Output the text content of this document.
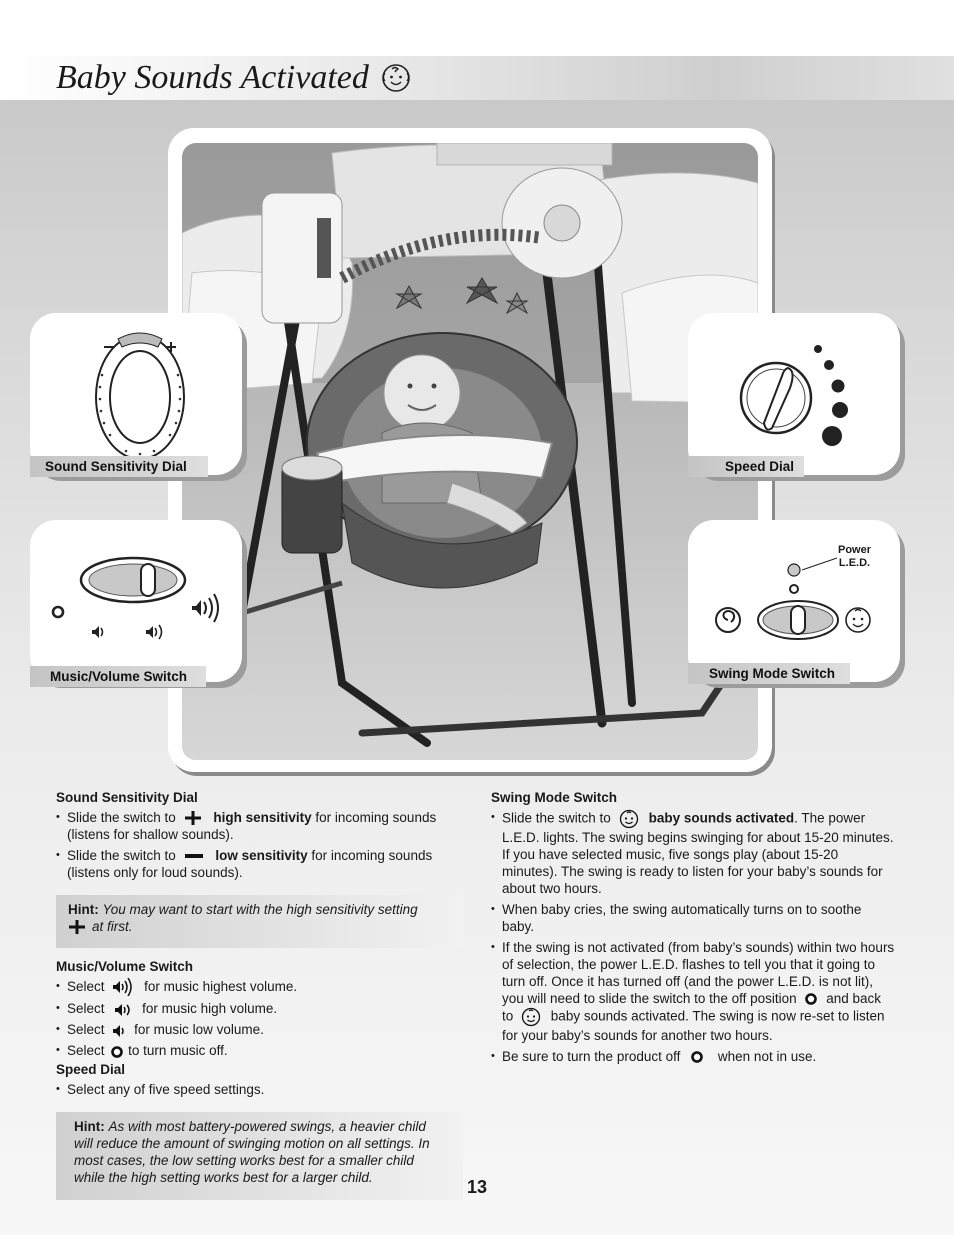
Baby Sounds Activated
Sound Sensitivity Dial	Speed Dial
Music/Volume Switch
Power
L.E.D.
Swing Mode Switch
Sound Sensitivity Dial
• Slide the switch to	high sensitivity for incoming sounds (listens for shallow sounds).
• Slide the switch to	low sensitivity for incoming sounds (listens only for loud sounds).
Hint: You may want to start with the high sensitivity setting
at first.
Music/Volume Switch
• Select	for music highest volume.
• Select	for music high volume.
• Select for music low volume.
• Select to turn music off.
Speed Dial
• Select any of five speed settings.
Hint: As with most battery-powered swings, a heavier child will reduce the amount of swinging motion on all settings. In most cases, the low setting works best for a smaller child while the high setting works best for a larger child.
Swing Mode Switch
• Slide the switch to	baby sounds activated. The power L.E.D. lights. The swing begins swinging for about 15-20 minutes. If you have selected music, five songs play (about 15-20 minutes). The swing is ready to listen for your baby’s sounds for about two hours.
• When baby cries, the swing automatically turns on to soothe baby.
• If the swing is not activated (from baby’s sounds) within two hours of selection, the power L.E.D. flashes to tell you that it going to turn off. Once it has turned off (and the power L.E.D. is not lit), you will need to slide the switch to the off position and back to	baby sounds activated. The swing is now re-set to listen for your baby’s sounds for another two hours.
• Be sure to turn the product off	when not in use.
13
